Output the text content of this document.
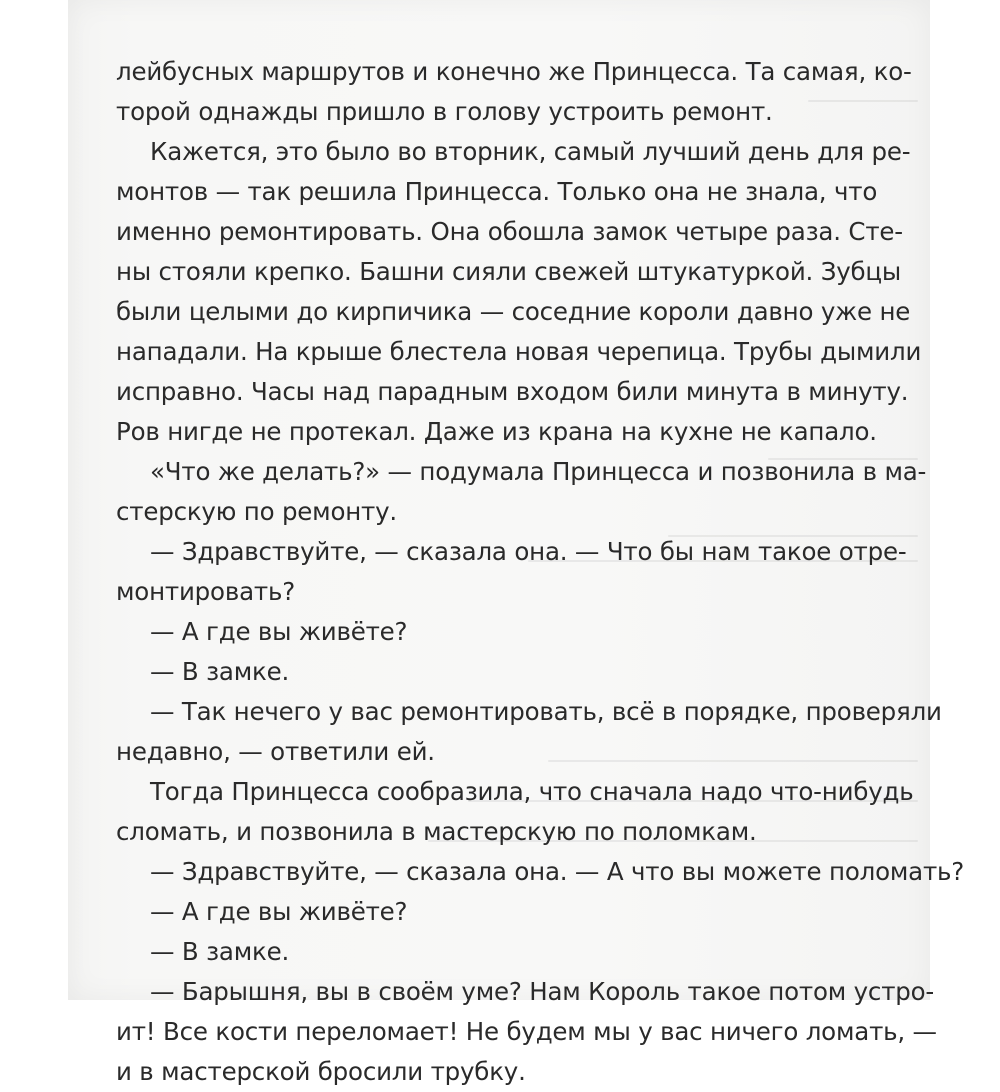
лейбусных маршрутов и конечно же Принцесса. Та самая, ко-
торой однажды пришло в голову устроить ремонт.
Кажется, это было во вторник, самый лучший день для ре-
монтов — так решила Принцесса. Только она не знала, что
именно ремонтировать. Она обошла замок четыре раза. Сте-
ны стояли крепко. Башни сияли свежей штукатуркой. Зубцы
были целыми до кирпичика — соседние короли давно уже не
нападали. На крыше блестела новая черепица. Трубы дымили
исправно. Часы над парадным входом били минута в минуту.
Ров нигде не протекал. Даже из крана на кухне не капало.
«Что же делать?» — подумала Принцесса и позвонила в ма-
стерскую по ремонту.
— Здравствуйте, — сказала она. — Что бы нам такое отре-
монтировать?
— А где вы живёте?
— В замке.
— Так нечего у вас ремонтировать, всё в порядке, проверяли
недавно, — ответили ей.
Тогда Принцесса сообразила, что сначала надо что-нибудь
сломать, и позвонила в мастерскую по поломкам.
— Здравствуйте, — сказала она. — А что вы можете поломать?
— А где вы живёте?
— В замке.
— Барышня, вы в своём уме? Нам Король такое потом устро-
ит! Все кости переломает! Не будем мы у вас ничего ломать, —
и в мастерской бросили трубку.
